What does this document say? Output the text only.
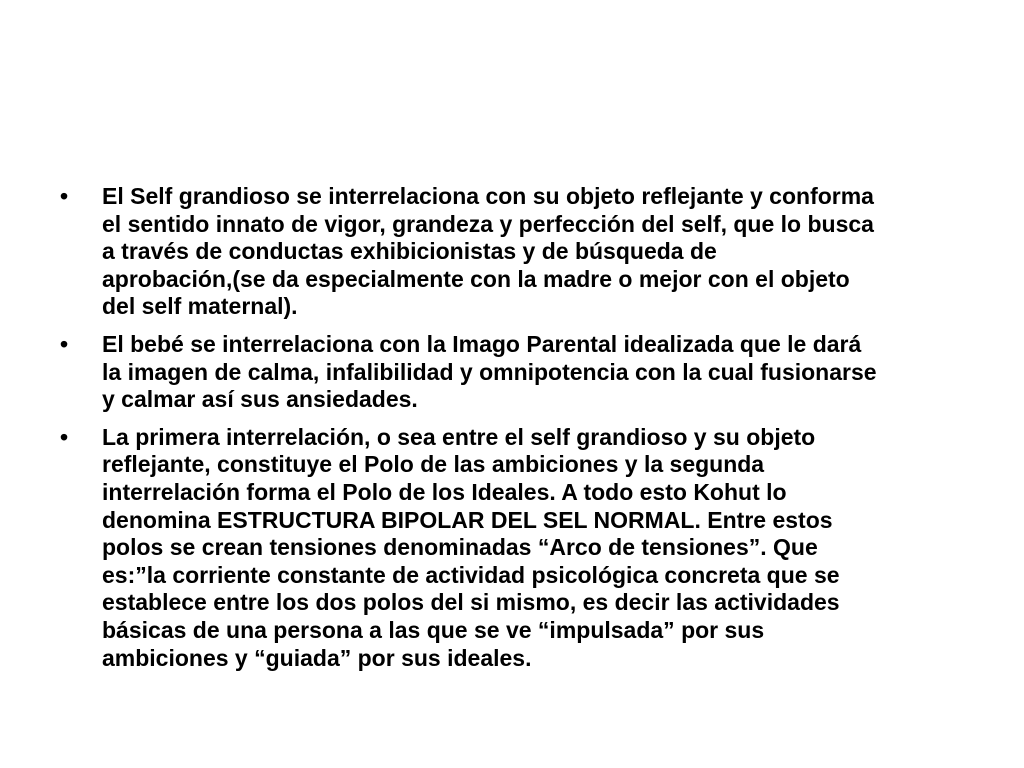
•	El Self grandioso se interrelaciona con su objeto reflejante y conforma
el sentido innato de vigor, grandeza y perfección del self, que lo busca
a través de conductas exhibicionistas y de búsqueda de
aprobación,(se da especialmente con la madre o mejor con el objeto
del self maternal).
•	El bebé se interrelaciona con la Imago Parental idealizada que le dará
la imagen de calma, infalibilidad y omnipotencia con la cual fusionarse
y calmar así sus ansiedades.
•	La primera interrelación, o sea entre el self grandioso y su objeto
reflejante, constituye el Polo de las ambiciones y la segunda
interrelación forma el Polo de los Ideales. A todo esto Kohut lo
denomina ESTRUCTURA BIPOLAR DEL SEL NORMAL. Entre estos
polos se crean tensiones denominadas “Arco de tensiones”. Que
es:”la corriente constante de actividad psicológica concreta que se
establece entre los dos polos del si mismo, es decir las actividades
básicas de una persona a las que se ve “impulsada” por sus
ambiciones y “guiada” por sus ideales.
